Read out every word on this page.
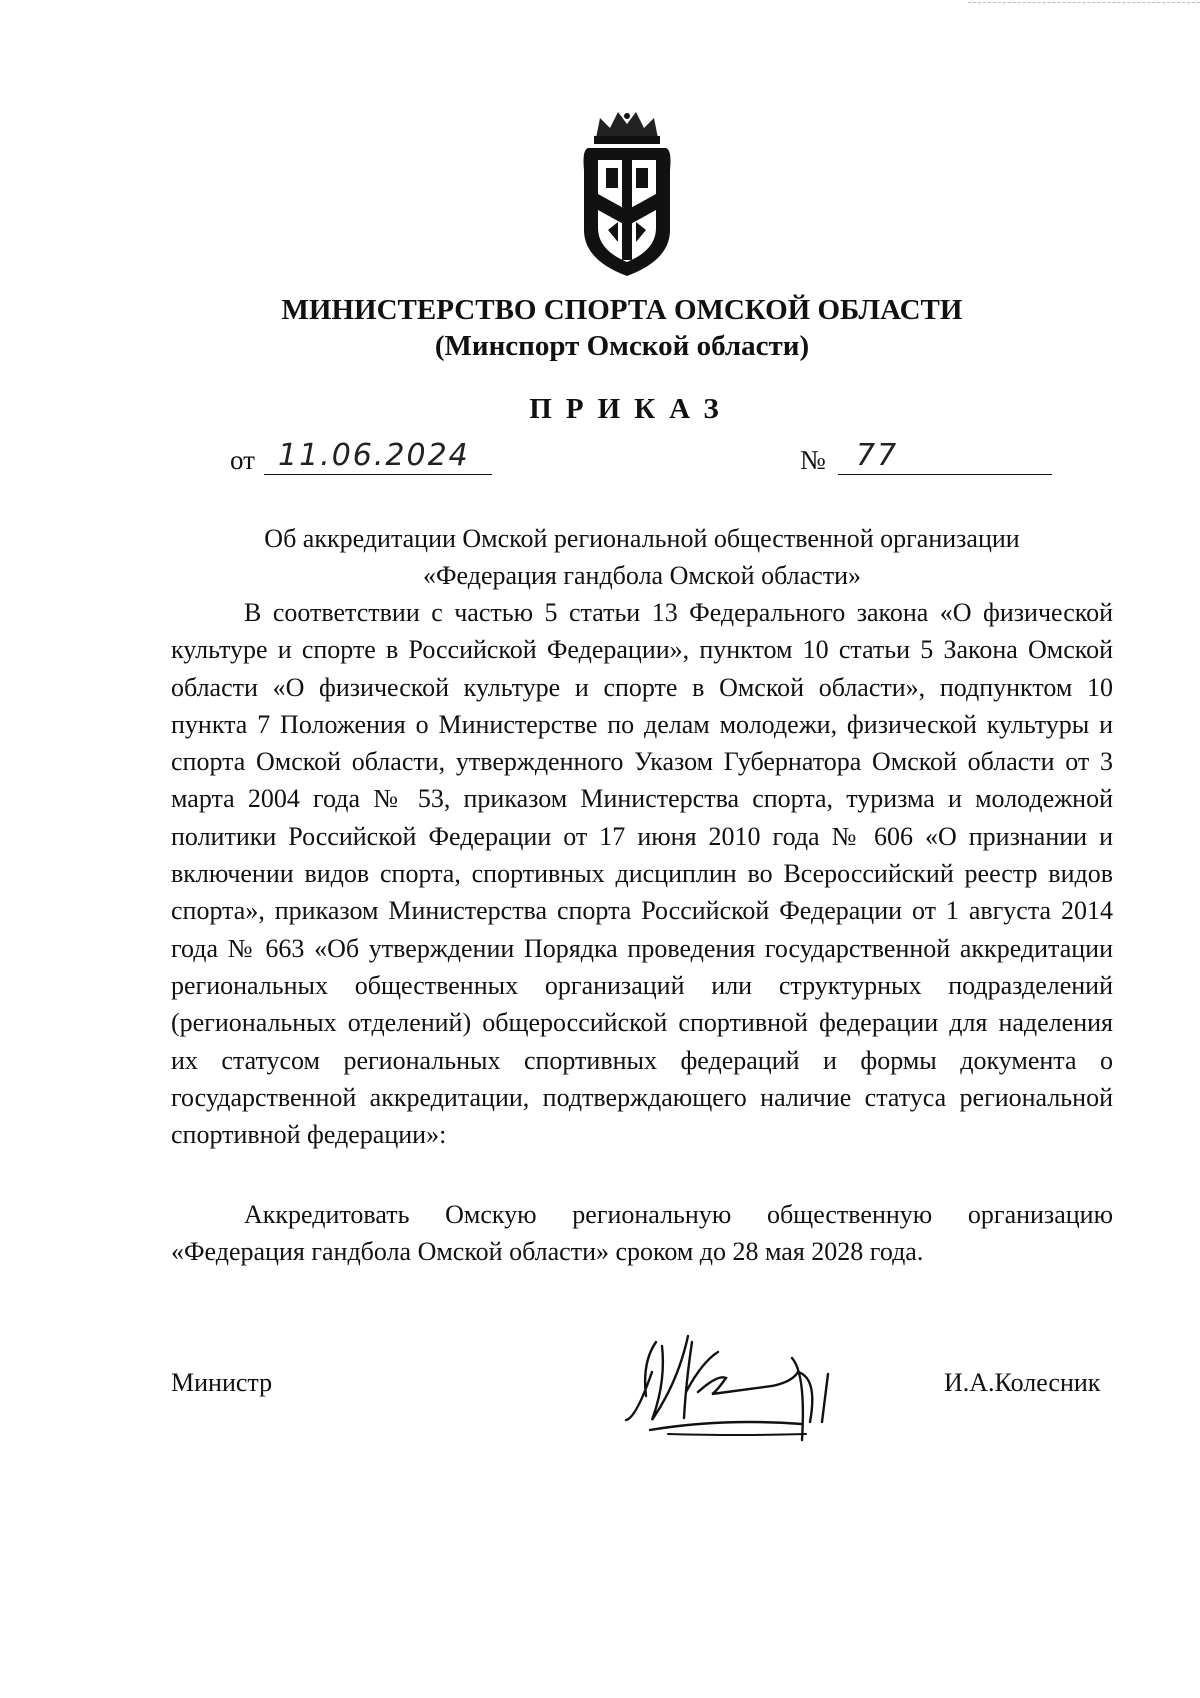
МИНИСТЕРСТВО СПОРТА ОМСКОЙ ОБЛАСТИ
(Минспорт Омской области)
ПРИКАЗ
от 11.06.2024	№ 77
Об аккредитации Омской региональной общественной организации
«Федерация гандбола Омской области»
В соответствии с частью 5 статьи 13 Федерального закона «О физической культуре и спорте в Российской Федерации», пунктом 10 статьи 5 Закона Омской области «О физической культуре и спорте в Омской области», подпунктом 10 пункта 7 Положения о Министерстве по делам молодежи, физической культуры и спорта Омской области, утвержденного Указом Губернатора Омской области от 3 марта 2004 года № 53, приказом Министерства спорта, туризма и молодежной политики Российской Федерации от 17 июня 2010 года № 606 «О признании и включении видов спорта, спортивных дисциплин во Всероссийский реестр видов спорта», приказом Министерства спорта Российской Федерации от 1 августа 2014 года № 663 «Об утверждении Порядка проведения государственной аккредитации региональных общественных организаций или структурных подразделений (региональных отделений) общероссийской спортивной федерации для наделения их статусом региональных спортивных федераций и формы документа о государственной аккредитации, подтверждающего наличие статуса региональной спортивной федерации»:
Аккредитовать Омскую региональную общественную организацию «Федерация гандбола Омской области» сроком до 28 мая 2028 года.
Министр	И.А.Колесник
